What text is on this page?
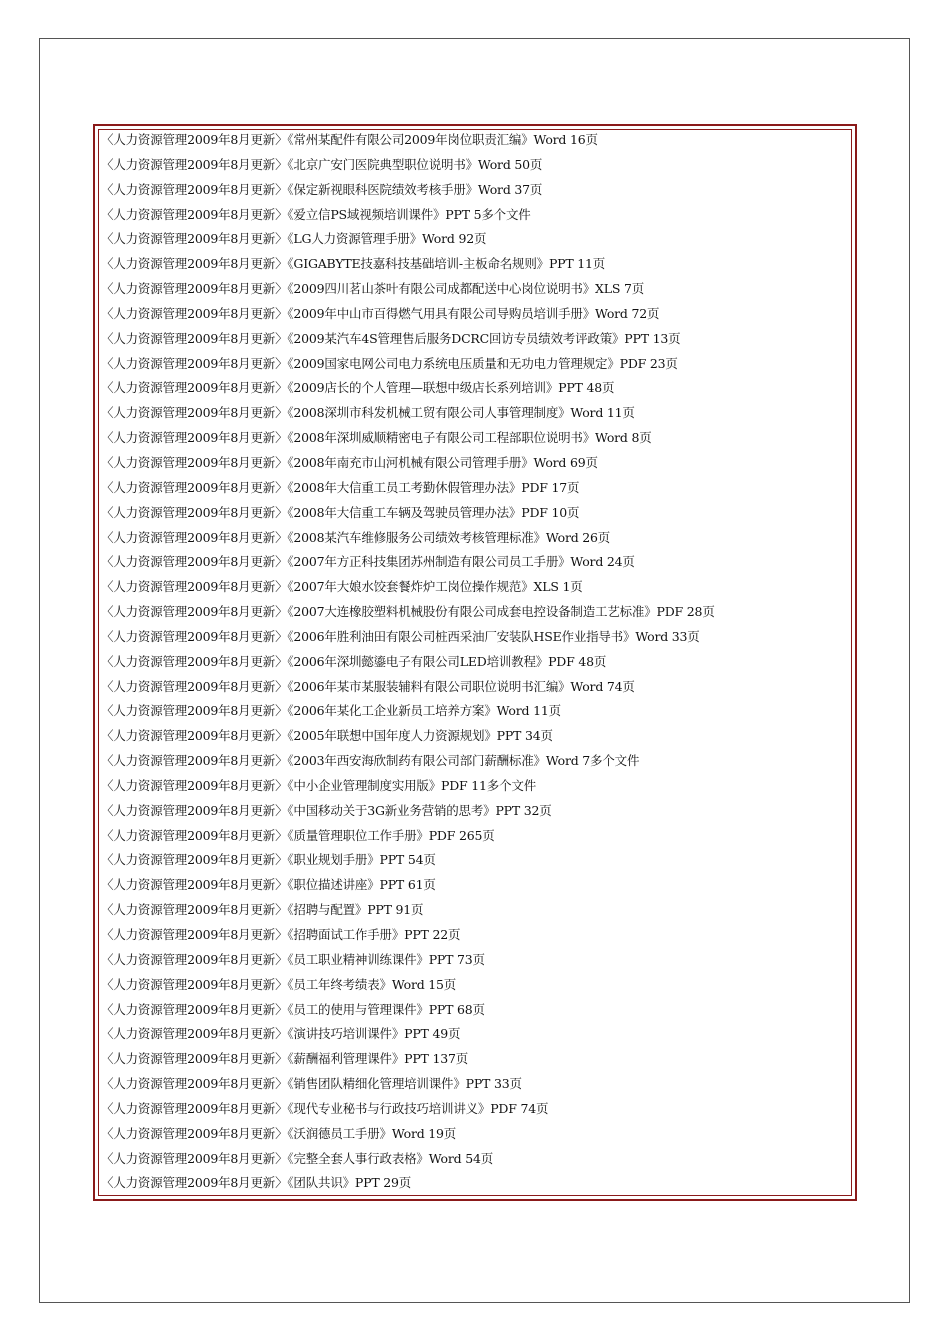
〈人力资源管理2009年8月更新〉《常州某配件有限公司2009年岗位职责汇编》Word 16页
〈人力资源管理2009年8月更新〉《北京广安门医院典型职位说明书》Word 50页
〈人力资源管理2009年8月更新〉《保定新视眼科医院绩效考核手册》Word 37页
〈人力资源管理2009年8月更新〉《爱立信PS域视频培训课件》PPT 5多个文件
〈人力资源管理2009年8月更新〉《LG人力资源管理手册》Word 92页
〈人力资源管理2009年8月更新〉《GIGABYTE技嘉科技基础培训-主板命名规则》PPT 11页
〈人力资源管理2009年8月更新〉《2009四川茗山茶叶有限公司成都配送中心岗位说明书》XLS 7页
〈人力资源管理2009年8月更新〉《2009年中山市百得燃气用具有限公司导购员培训手册》Word 72页
〈人力资源管理2009年8月更新〉《2009某汽车4S管理售后服务DCRC回访专员绩效考评政策》PPT 13页
〈人力资源管理2009年8月更新〉《2009国家电网公司电力系统电压质量和无功电力管理规定》PDF 23页
〈人力资源管理2009年8月更新〉《2009店长的个人管理—联想中级店长系列培训》PPT 48页
〈人力资源管理2009年8月更新〉《2008深圳市科发机械工贸有限公司人事管理制度》Word 11页
〈人力资源管理2009年8月更新〉《2008年深圳威顺精密电子有限公司工程部职位说明书》Word 8页
〈人力资源管理2009年8月更新〉《2008年南充市山河机械有限公司管理手册》Word 69页
〈人力资源管理2009年8月更新〉《2008年大信重工员工考勤休假管理办法》PDF 17页
〈人力资源管理2009年8月更新〉《2008年大信重工车辆及驾驶员管理办法》PDF 10页
〈人力资源管理2009年8月更新〉《2008某汽车维修服务公司绩效考核管理标准》Word 26页
〈人力资源管理2009年8月更新〉《2007年方正科技集团苏州制造有限公司员工手册》Word 24页
〈人力资源管理2009年8月更新〉《2007年大娘水饺套餐炸炉工岗位操作规范》XLS 1页
〈人力资源管理2009年8月更新〉《2007大连橡胶塑料机械股份有限公司成套电控设备制造工艺标准》PDF 28页
〈人力资源管理2009年8月更新〉《2006年胜利油田有限公司桩西采油厂安装队HSE作业指导书》Word 33页
〈人力资源管理2009年8月更新〉《2006年深圳懿鎏电子有限公司LED培训教程》PDF 48页
〈人力资源管理2009年8月更新〉《2006年某市某服装辅料有限公司职位说明书汇编》Word 74页
〈人力资源管理2009年8月更新〉《2006年某化工企业新员工培养方案》Word 11页
〈人力资源管理2009年8月更新〉《2005年联想中国年度人力资源规划》PPT 34页
〈人力资源管理2009年8月更新〉《2003年西安海欣制药有限公司部门薪酬标准》Word 7多个文件
〈人力资源管理2009年8月更新〉《中小企业管理制度实用版》PDF 11多个文件
〈人力资源管理2009年8月更新〉《中国移动关于3G新业务营销的思考》PPT 32页
〈人力资源管理2009年8月更新〉《质量管理职位工作手册》PDF 265页
〈人力资源管理2009年8月更新〉《职业规划手册》PPT 54页
〈人力资源管理2009年8月更新〉《职位描述讲座》PPT 61页
〈人力资源管理2009年8月更新〉《招聘与配置》PPT 91页
〈人力资源管理2009年8月更新〉《招聘面试工作手册》PPT 22页
〈人力资源管理2009年8月更新〉《员工职业精神训练课件》PPT 73页
〈人力资源管理2009年8月更新〉《员工年终考绩表》Word 15页
〈人力资源管理2009年8月更新〉《员工的使用与管理课件》PPT 68页
〈人力资源管理2009年8月更新〉《演讲技巧培训课件》PPT 49页
〈人力资源管理2009年8月更新〉《薪酬福利管理课件》PPT 137页
〈人力资源管理2009年8月更新〉《销售团队精细化管理培训课件》PPT 33页
〈人力资源管理2009年8月更新〉《现代专业秘书与行政技巧培训讲义》PDF 74页
〈人力资源管理2009年8月更新〉《沃润德员工手册》Word 19页
〈人力资源管理2009年8月更新〉《完整全套人事行政表格》Word 54页
〈人力资源管理2009年8月更新〉《团队共识》PPT 29页
